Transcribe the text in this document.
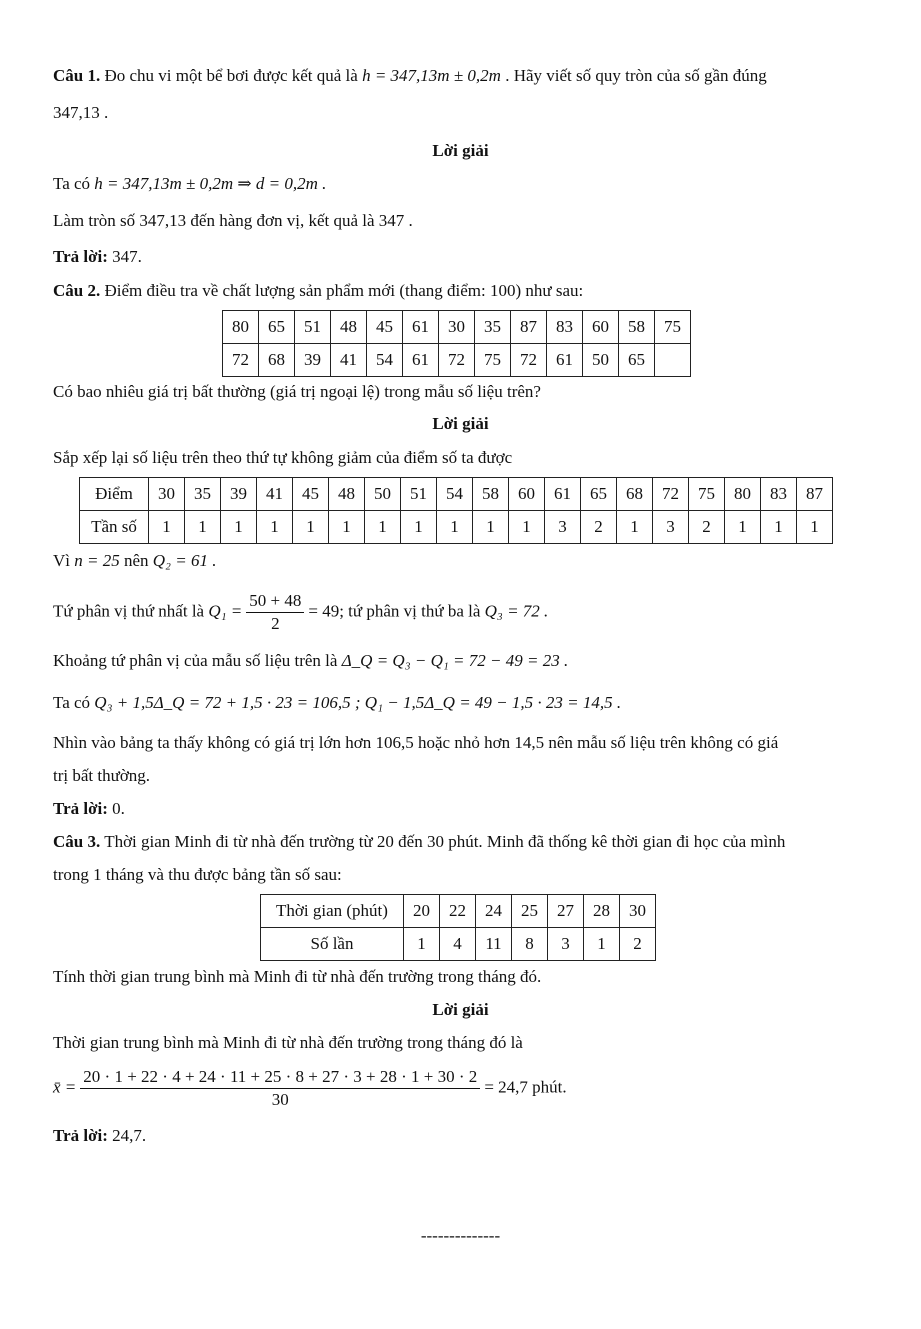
Câu 1. Đo chu vi một bể bơi được kết quả là h = 347,13m ± 0,2m . Hãy viết số quy tròn của số gần đúng
347,13 .
Lời giải
Ta có h = 347,13m ± 0,2m ⇒ d = 0,2m .
Làm tròn số 347,13 đến hàng đơn vị, kết quả là 347 .
Trả lời: 347.
Câu 2. Điểm điều tra về chất lượng sản phẩm mới (thang điểm: 100) như sau:
80	65	51	48	45	61	30	35	87	83	60	58	75
72	68	39	41	54	61	72	75	72	61	50	65	
Có bao nhiêu giá trị bất thường (giá trị ngoại lệ) trong mẫu số liệu trên?
Lời giải
Sắp xếp lại số liệu trên theo thứ tự không giảm của điểm số ta được
Điểm	30	35	39	41	45	48	50	51	54	58	60	61	65	68	72	75	80	83	87
Tần số	1	1	1	1	1	1	1	1	1	1	1	3	2	1	3	2	1	1	1
Vì n = 25 nên Q₂ = 61 .
Tứ phân vị thứ nhất là $Q_1 = \frac{50 + 48}{2} = 49$; tứ phân vị thứ ba là Q₃ = 72 .
Khoảng tứ phân vị của mẫu số liệu trên là Δ_Q = Q₃ − Q₁ = 72 − 49 = 23 .
Ta có Q₃ + 1,5Δ_Q = 72 + 1,5 · 23 = 106,5 ; Q₁ − 1,5Δ_Q = 49 − 1,5 · 23 = 14,5 .
Nhìn vào bảng ta thấy không có giá trị lớn hơn 106,5 hoặc nhỏ hơn 14,5 nên mẫu số liệu trên không có giá
trị bất thường.
Trả lời: 0.
Câu 3. Thời gian Minh đi từ nhà đến trường từ 20 đến 30 phút. Minh đã thống kê thời gian đi học của mình
trong 1 tháng và thu được bảng tần số sau:
Thời gian (phút)	20	22	24	25	27	28	30
Số lần	1	4	11	8	3	1	2
Tính thời gian trung bình mà Minh đi từ nhà đến trường trong tháng đó.
Lời giải
Thời gian trung bình mà Minh đi từ nhà đến trường trong tháng đó là
x̄ =
20 · 1 + 22 · 4 + 24 · 11 + 25 · 8 + 27 · 3 + 28 · 1 + 30 · 2
30
= 24,7 phút.
Trả lời: 24,7.
--------------
